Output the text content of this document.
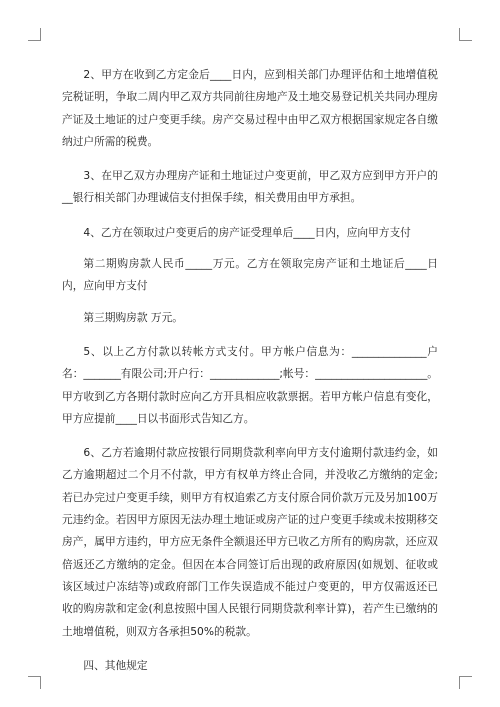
2、甲方在收到乙方定金后____日内，应到相关部门办理评估和土地增值税完税证明，争取二周内甲乙双方共同前往房地产及土地交易登记机关共同办理房产证及土地证的过户变更手续。房产交易过程中由甲乙双方根据国家规定各自缴纳过户所需的税费。

3、在甲乙双方办理房产证和土地证过户变更前，甲乙双方应到甲方开户的__银行相关部门办理诚信支付担保手续，相关费用由甲方承担。

4、乙方在领取过户变更后的房产证受理单后____日内，应向甲方支付

第二期购房款人民币_____万元。乙方在领取完房产证和土地证后____日内，应向甲方支付

第三期购房款 万元。

5、以上乙方付款以转帐方式支付。甲方帐户信息为：______________户名：_______有限公司;开户行：_____________;帐号：_____________________。甲方收到乙方各期付款时应向乙方开具相应收款票据。若甲方帐户信息有变化，甲方应提前____日以书面形式告知乙方。

6、乙方若逾期付款应按银行同期贷款利率向甲方支付逾期付款违约金，如乙方逾期超过二个月不付款，甲方有权单方终止合同，并没收乙方缴纳的定金;若已办完过户变更手续，则甲方有权追索乙方支付原合同价款万元及另加100万元违约金。若因甲方原因无法办理土地证或房产证的过户变更手续或未按期移交房产，属甲方违约，甲方应无条件全额退还甲方已收乙方所有的购房款，还应双倍返还乙方缴纳的定金。但因在本合同签订后出现的政府原因(如规划、征收或该区域过户冻结等)或政府部门工作失误造成不能过户变更的，甲方仅需返还已收的购房款和定金(利息按照中国人民银行同期贷款利率计算)，若产生已缴纳的土地增值税，则双方各承担50%的税款。

四、其他规定
